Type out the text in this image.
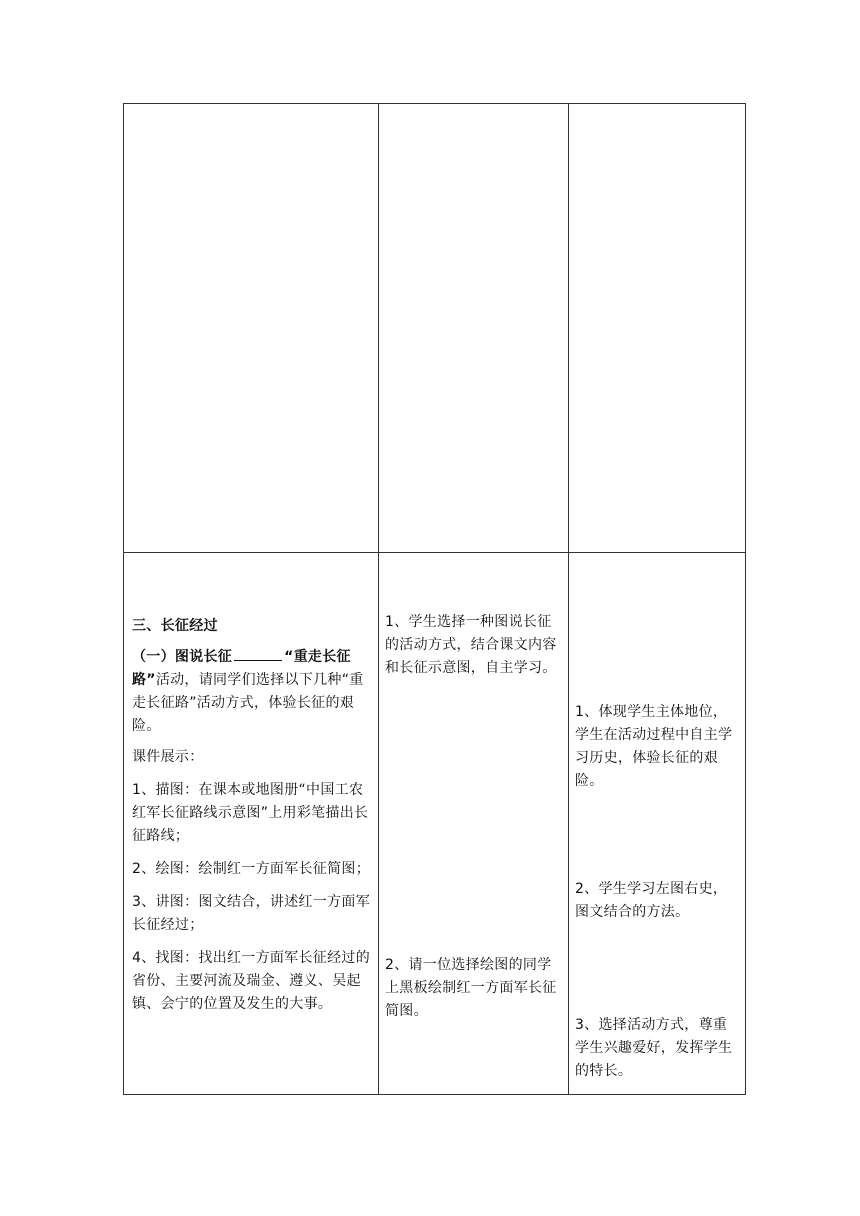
三、长征经过

（一）图说长征	“重走长征路”活动，请同学们选择以下几种“重走长征路”活动方式，体验长征的艰险。

课件展示：

1、描图：在课本或地图册“中国工农红军长征路线示意图”上用彩笔描出长征路线；

2、绘图：绘制红一方面军长征简图；

3、讲图：图文结合，讲述红一方面军长征经过；

4、找图：找出红一方面军长征经过的省份、主要河流及瑞金、遵义、吴起镇、会宁的位置及发生的大事。

1、学生选择一种图说长征的活动方式，结合课文内容和长征示意图，自主学习。

2、请一位选择绘图的同学上黑板绘制红一方面军长征简图。

1、体现学生主体地位，学生在活动过程中自主学习历史，体验长征的艰险。

2、学生学习左图右史，图文结合的方法。

3、选择活动方式，尊重学生兴趣爱好，发挥学生的特长。
